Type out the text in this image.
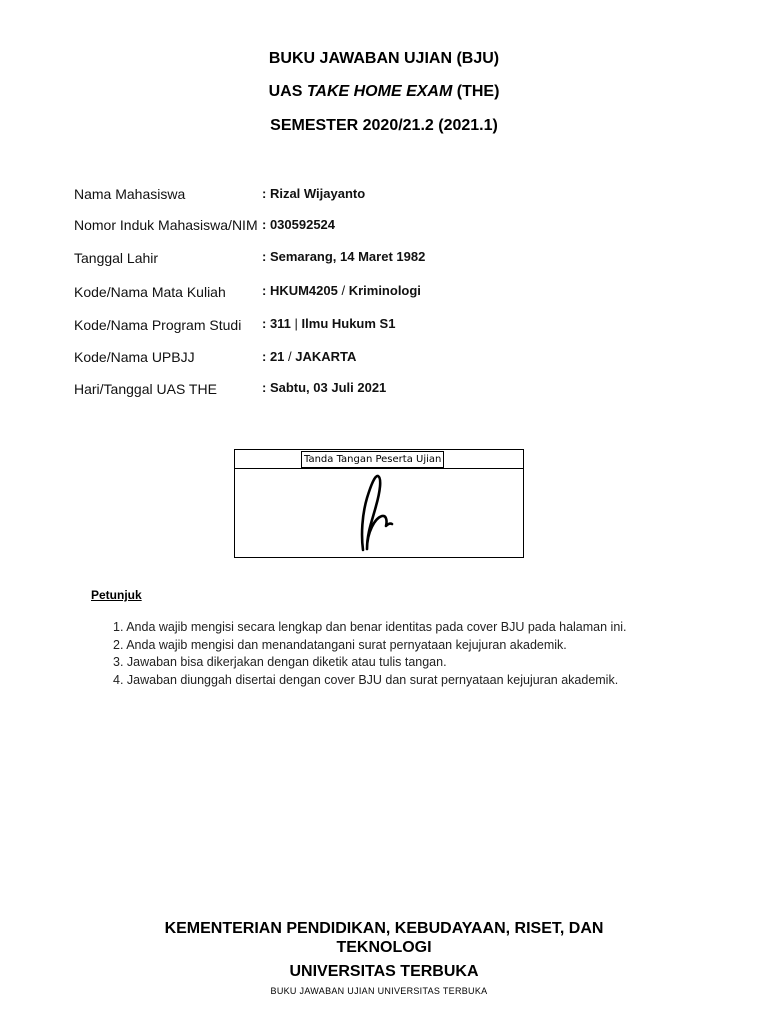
BUKU JAWABAN UJIAN (BJU)
UAS TAKE HOME EXAM (THE)
SEMESTER 2020/21.2 (2021.1)
Nama Mahasiswa	: Rizal Wijayanto
Nomor Induk Mahasiswa/NIM : 030592524
Tanggal Lahir	: Semarang, 14 Maret 1982
Kode/Nama Mata Kuliah	: HKUM4205 / Kriminologi
Kode/Nama Program Studi : 311 | Ilmu Hukum S1
Kode/Nama UPBJJ	: 21 / JAKARTA
Hari/Tanggal UAS THE	: Sabtu, 03 Juli 2021
Tanda Tangan Peserta Ujian
Petunjuk
1. Anda wajib mengisi secara lengkap dan benar identitas pada cover BJU pada halaman ini.
2. Anda wajib mengisi dan menandatangani surat pernyataan kejujuran akademik.
3. Jawaban bisa dikerjakan dengan diketik atau tulis tangan.
4. Jawaban diunggah disertai dengan cover BJU dan surat pernyataan kejujuran akademik.
KEMENTERIAN PENDIDIKAN, KEBUDAYAAN, RISET, DAN
TEKNOLOGI
UNIVERSITAS TERBUKA
BUKU JAWABAN UJIAN UNIVERSITAS TERBUKA
